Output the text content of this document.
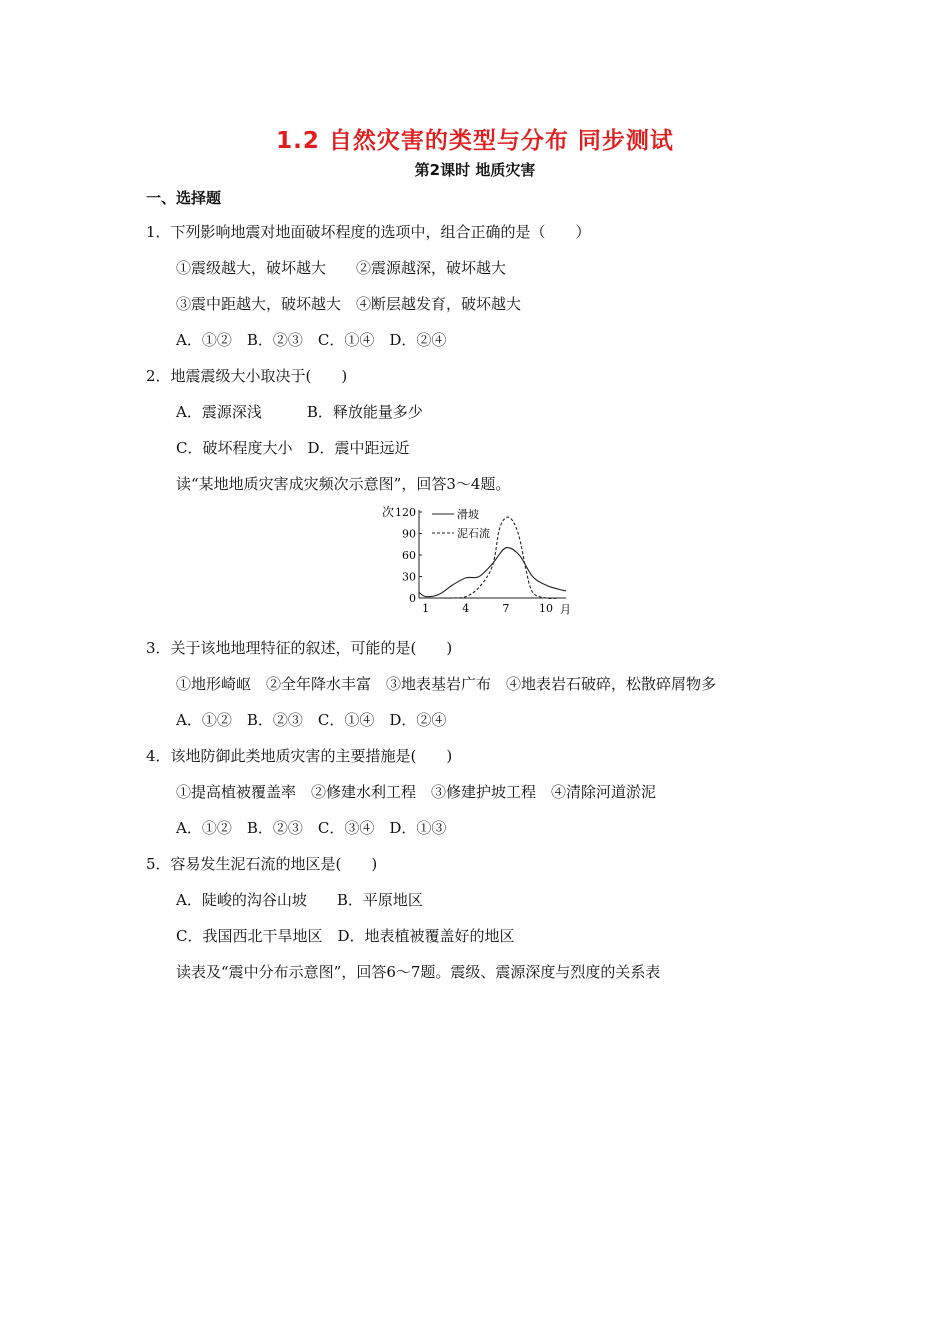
1.2 自然灾害的类型与分布 同步测试
第2课时 地质灾害
一、选择题
1．下列影响地震对地面破坏程度的选项中，组合正确的是（　　）
①震级越大，破坏越大　　②震源越深，破坏越大
③震中距越大，破坏越大　④断层越发育，破坏越大
A．①②　B．②③　C．①④　D．②④
2．地震震级大小取决于(　　)
A．震源深浅　　　B．释放能量多少
C．破坏程度大小　D．震中距远近
读“某地地质灾害成灾频次示意图”，回答3～4题。
次
月
120
90
60
30
0
1	4	7	10
滑坡
泥石流
3．关于该地地理特征的叙述，可能的是(　　)
①地形崎岖　②全年降水丰富　③地表基岩广布　④地表岩石破碎，松散碎屑物多
A．①②　B．②③　C．①④　D．②④
4．该地防御此类地质灾害的主要措施是(　　)
①提高植被覆盖率　②修建水利工程　③修建护坡工程　④清除河道淤泥
A．①②　B．②③　C．③④　D．①③
5．容易发生泥石流的地区是(　　)
A．陡峻的沟谷山坡　　B．平原地区
C．我国西北干旱地区　D．地表植被覆盖好的地区
读表及“震中分布示意图”，回答6～7题。震级、震源深度与烈度的关系表
